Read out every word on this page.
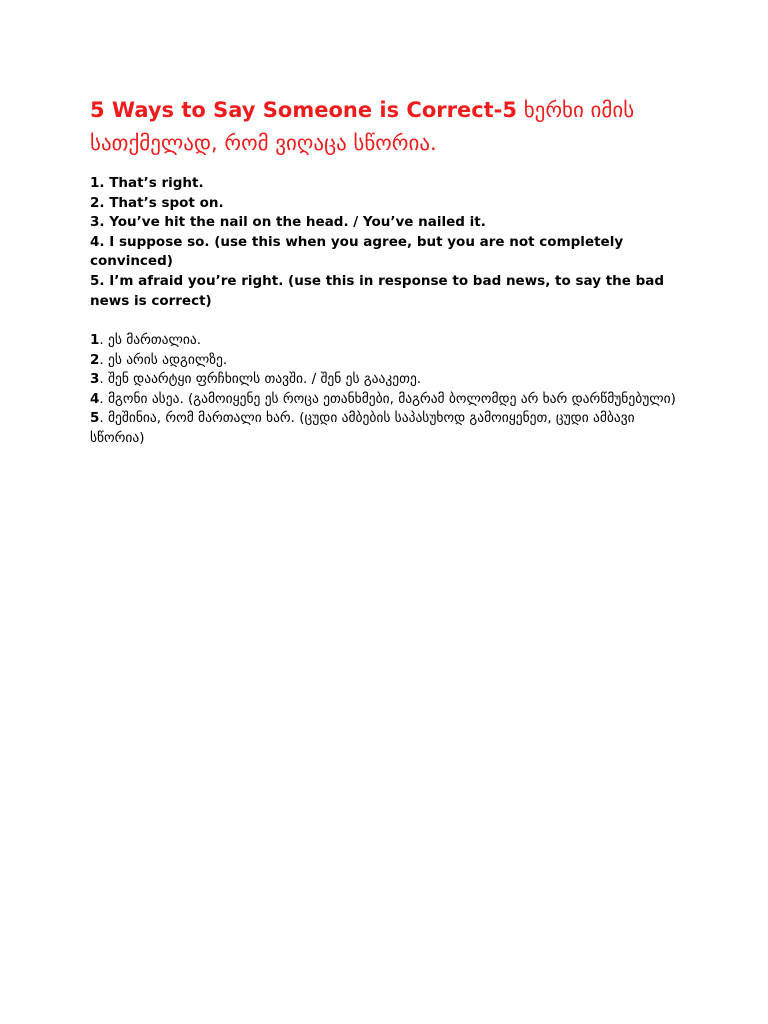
5 Ways to Say Someone is Correct-5 ხერხი იმის სათქმელად, რომ ვიღაცა სწორია.
1. That’s right.
2. That’s spot on.
3. You’ve hit the nail on the head. / You’ve nailed it.
4. I suppose so. (use this when you agree, but you are not completely convinced)
5. I’m afraid you’re right. (use this in response to bad news, to say the bad news is correct)
1. ეს მართალია.
2. ეს არის ადგილზე.
3. შენ დაარტყი ფრჩხილს თავში. / შენ ეს გააკეთე.
4. მგონი ასეა. (გამოიყენე ეს როცა ეთანხმები, მაგრამ ბოლომდე არ ხარ დარწმუნებული)
5. მეშინია, რომ მართალი ხარ. (ცუდი ამბების საპასუხოდ გამოიყენეთ, ცუდი ამბავი სწორია)
